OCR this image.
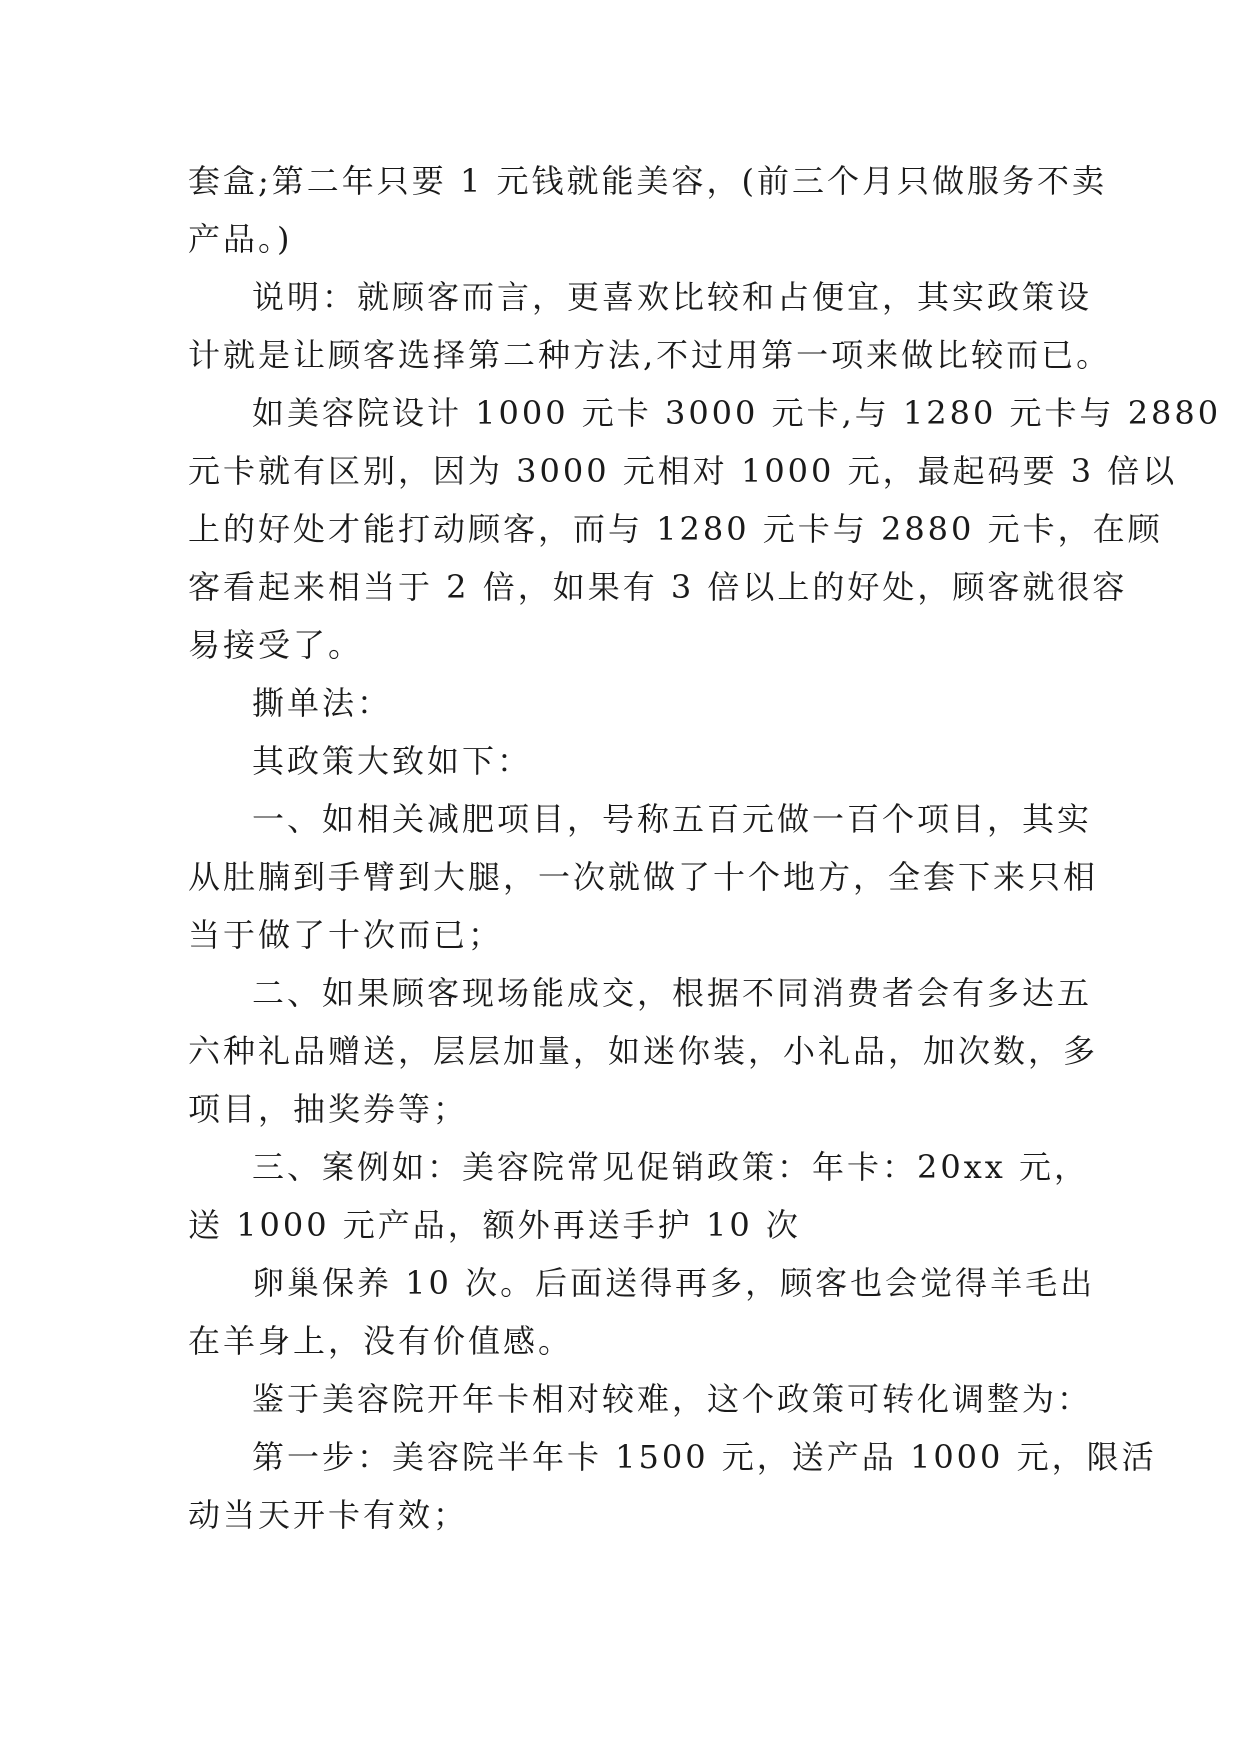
套盒;第二年只要 1 元钱就能美容，(前三个月只做服务不卖
产品。)
说明：就顾客而言，更喜欢比较和占便宜，其实政策设
计就是让顾客选择第二种方法,不过用第一项来做比较而已。
如美容院设计 1000 元卡 3000 元卡,与 1280 元卡与 2880
元卡就有区别，因为 3000 元相对 1000 元，最起码要 3 倍以
上的好处才能打动顾客，而与 1280 元卡与 2880 元卡，在顾
客看起来相当于 2 倍，如果有 3 倍以上的好处，顾客就很容
易接受了。
撕单法：
其政策大致如下：
一、如相关减肥项目，号称五百元做一百个项目，其实
从肚腩到手臂到大腿，一次就做了十个地方，全套下来只相
当于做了十次而已；
二、如果顾客现场能成交，根据不同消费者会有多达五
六种礼品赠送，层层加量，如迷你装，小礼品，加次数，多
项目，抽奖券等；
三、案例如：美容院常见促销政策：年卡：20xx 元，
送 1000 元产品，额外再送手护 10 次
卵巢保养 10 次。后面送得再多，顾客也会觉得羊毛出
在羊身上，没有价值感。
鉴于美容院开年卡相对较难，这个政策可转化调整为：
第一步：美容院半年卡 1500 元，送产品 1000 元，限活
动当天开卡有效；
